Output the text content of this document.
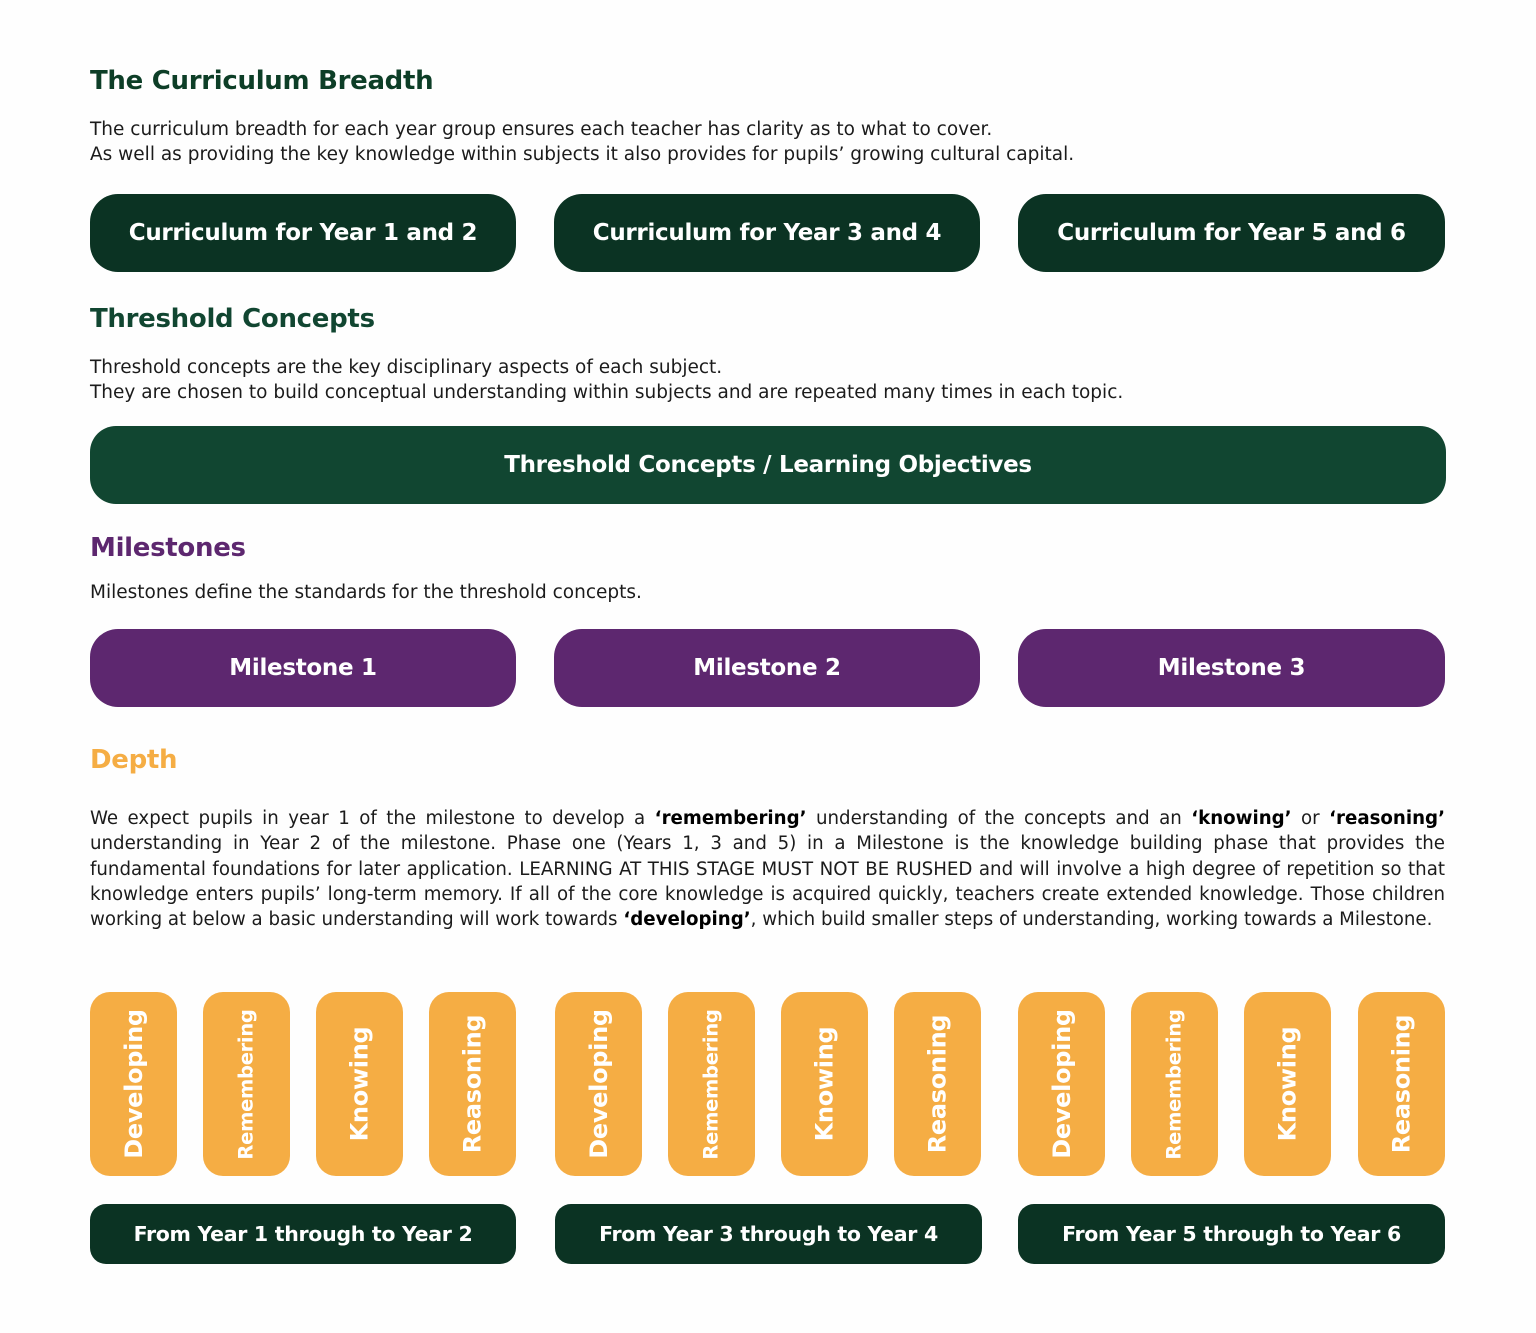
The Curriculum Breadth

The curriculum breadth for each year group ensures each teacher has clarity as to what to cover.

As well as providing the key knowledge within subjects it also provides for pupils’ growing cultural capital.

Curriculum for Year 1 and 2	Curriculum for Year 3 and 4	Curriculum for Year 5 and 6
Threshold Concepts

Threshold concepts are the key disciplinary aspects of each subject.

They are chosen to build conceptual understanding within subjects and are repeated many times in each topic.

Threshold Concepts / Learning Objectives
Milestones

Milestones define the standards for the threshold concepts.

Milestone 1	Milestone 2	Milestone 3
Depth
We expect pupils in year 1 of the milestone to develop a ‘remembering’ understanding of the concepts and an ‘knowing’ or ‘reasoning’ understanding in Year 2 of the milestone. Phase one (Years 1, 3 and 5) in a Milestone is the knowledge building phase that provides the fundamental foundations for later application. LEARNING AT THIS STAGE MUST NOT BE RUSHED and will involve a high degree of repetition so that knowledge enters pupils’ long-term memory. If all of the core knowledge is acquired quickly, teachers create extended knowledge. Those children working at below a basic understanding will work towards ‘developing’, which build smaller steps of understanding, working towards a Milestone.
Developing	Remembering	Knowing	Reasoning
From Year 1 through to Year 2
Developing	Remembering	Knowing	Reasoning
From Year 3 through to Year 4
Developing	Remembering	Knowing	Reasoning
From Year 5 through to Year 6
